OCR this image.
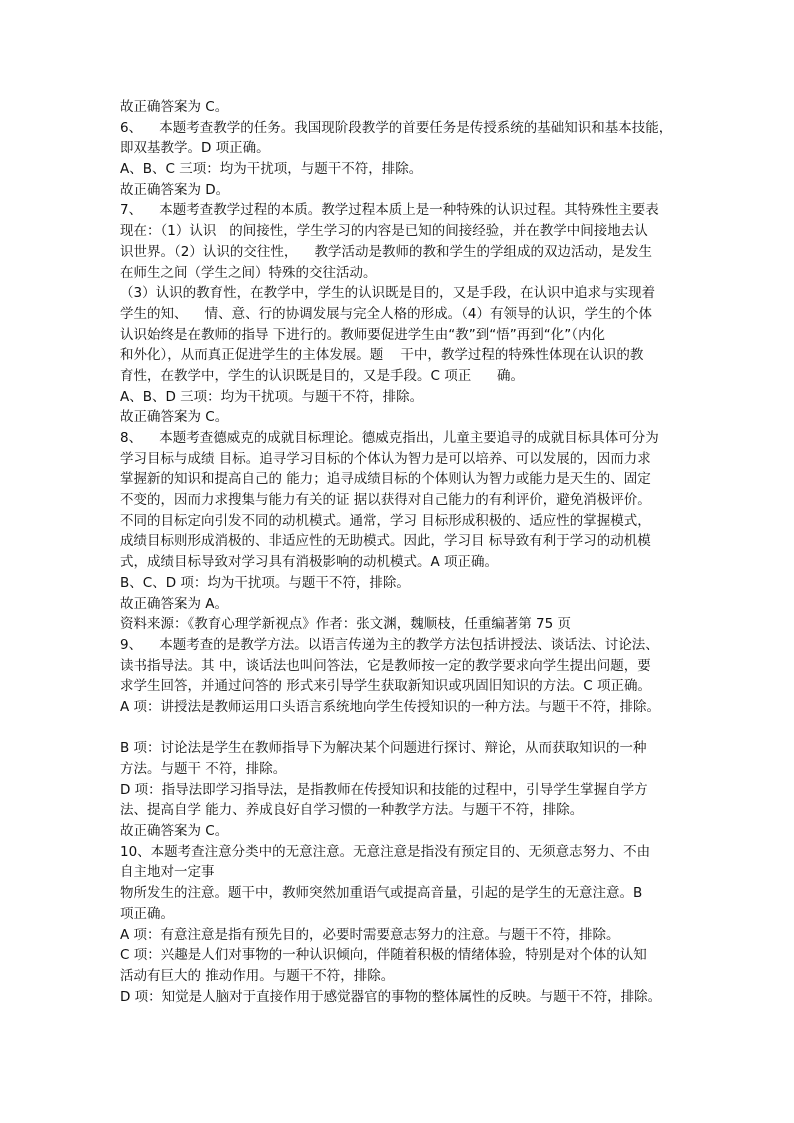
故正确答案为 C。
6、    本题考查教学的任务。我国现阶段教学的首要任务是传授系统的基础知识和基本技能，
即双基教学。D 项正确。
A、B、C 三项：均为干扰项，与题干不符，排除。
故正确答案为 D。
7、    本题考查教学过程的本质。教学过程本质上是一种特殊的认识过程。其特殊性主要表
现在：（1）认识   的间接性，学生学习的内容是已知的间接经验，并在教学中间接地去认
识世界。（2）认识的交往性，    教学活动是教师的教和学生的学组成的双边活动，是发生
在师生之间（学生之间）特殊的交往活动。
（3）认识的教育性，在教学中，学生的认识既是目的，又是手段，在认识中追求与实现着
学生的知、    情、意、行的协调发展与完全人格的形成。（4）有领导的认识，学生的个体
认识始终是在教师的指导 下进行的。教师要促进学生由“教”到“悟”再到“化”（内化
和外化），从而真正促进学生的主体发展。题    干中，教学过程的特殊性体现在认识的教
育性，在教学中，学生的认识既是目的，又是手段。C 项正      确。
A、B、D 三项：均为干扰项。与题干不符，排除。
故正确答案为 C。
8、    本题考查德威克的成就目标理论。德威克指出，儿童主要追寻的成就目标具体可分为
学习目标与成绩 目标。追寻学习目标的个体认为智力是可以培养、可以发展的，因而力求
掌握新的知识和提高自己的 能力；追寻成绩目标的个体则认为智力或能力是天生的、固定
不变的，因而力求搜集与能力有关的证 据以获得对自己能力的有利评价，避免消极评价。
不同的目标定向引发不同的动机模式。通常，学习 目标形成积极的、适应性的掌握模式，
成绩目标则形成消极的、非适应性的无助模式。因此，学习目 标导致有利于学习的动机模
式，成绩目标导致对学习具有消极影响的动机模式。A 项正确。
B、C、D 项：均为干扰项。与题干不符，排除。
故正确答案为 A。
资料来源：《教育心理学新视点》作者：张文渊，魏顺枝，任重编著第 75 页
9、    本题考查的是教学方法。以语言传递为主的教学方法包括讲授法、谈话法、讨论法、
读书指导法。其 中，谈话法也叫问答法，它是教师按一定的教学要求向学生提出问题，要
求学生回答，并通过问答的 形式来引导学生获取新知识或巩固旧知识的方法。C 项正确。
A 项：讲授法是教师运用口头语言系统地向学生传授知识的一种方法。与题干不符，排除。
B 项：讨论法是学生在教师指导下为解决某个问题进行探讨、辩论，从而获取知识的一种
方法。与题干 不符，排除。
D 项：指导法即学习指导法，是指教师在传授知识和技能的过程中，引导学生掌握自学方
法、提高自学 能力、养成良好自学习惯的一种教学方法。与题干不符，排除。
故正确答案为 C。
10、本题考查注意分类中的无意注意。无意注意是指没有预定目的、无须意志努力、不由
自主地对一定事
物所发生的注意。题干中，教师突然加重语气或提高音量，引起的是学生的无意注意。B
项正确。
A 项：有意注意是指有预先目的，必要时需要意志努力的注意。与题干不符，排除。
C 项：兴趣是人们对事物的一种认识倾向，伴随着积极的情绪体验，特别是对个体的认知
活动有巨大的 推动作用。与题干不符，排除。
D 项：知觉是人脑对于直接作用于感觉器官的事物的整体属性的反映。与题干不符，排除。
